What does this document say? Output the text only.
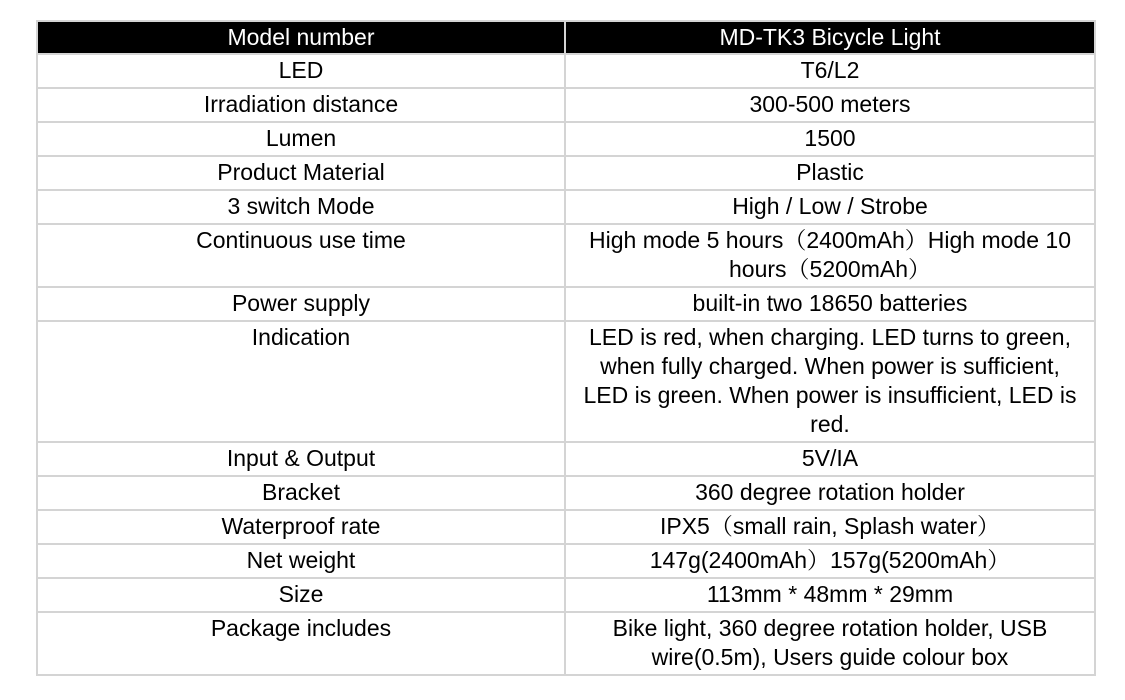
Model number	MD-TK3 Bicycle Light
LED	T6/L2
Irradiation distance	300-500 meters
Lumen	1500
Product Material	Plastic
3 switch Mode	High / Low / Strobe
Continuous use time	High mode 5 hours（2400mAh）High mode 10 hours（5200mAh）
Power supply	built-in two 18650 batteries
Indication	LED is red, when charging. LED turns to green, when fully charged. When power is sufficient, LED is green. When power is insufficient, LED is red.
Input & Output	5V/IA
Bracket	360 degree rotation holder
Waterproof rate	IPX5（small rain, Splash water）
Net weight	147g(2400mAh）157g(5200mAh）
Size	113mm * 48mm * 29mm
Package includes	Bike light, 360 degree rotation holder, USB wire(0.5m), Users guide colour box
